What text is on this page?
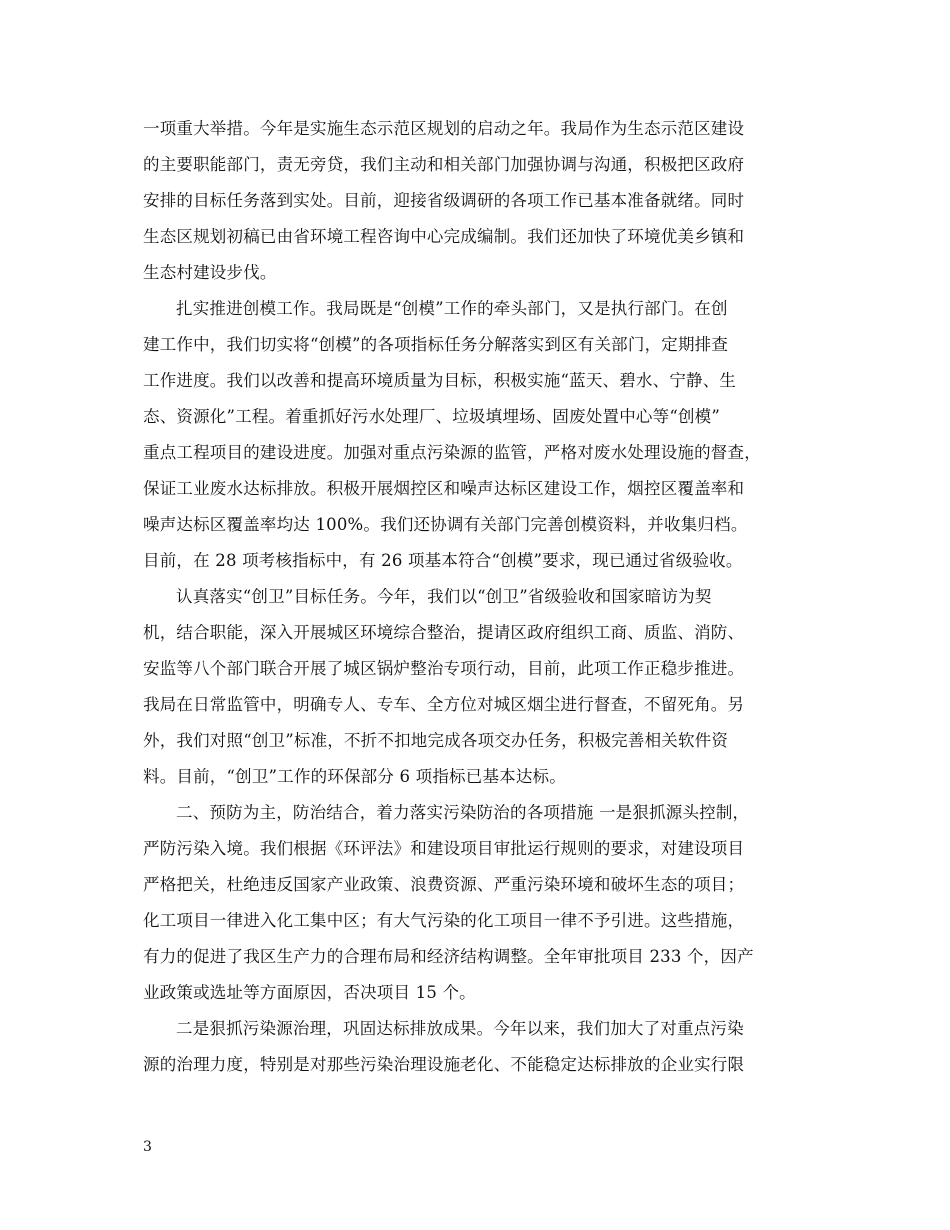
一项重大举措。今年是实施生态示范区规划的启动之年。我局作为生态示范区建设
的主要职能部门，责无旁贷，我们主动和相关部门加强协调与沟通，积极把区政府
安排的目标任务落到实处。目前，迎接省级调研的各项工作已基本准备就绪。同时
生态区规划初稿已由省环境工程咨询中心完成编制。我们还加快了环境优美乡镇和
生态村建设步伐。
扎实推进创模工作。我局既是“创模”工作的牵头部门，又是执行部门。在创
建工作中，我们切实将“创模”的各项指标任务分解落实到区有关部门，定期排查
工作进度。我们以改善和提高环境质量为目标，积极实施“蓝天、碧水、宁静、生
态、资源化”工程。着重抓好污水处理厂、垃圾填埋场、固废处置中心等“创模”
重点工程项目的建设进度。加强对重点污染源的监管，严格对废水处理设施的督查，
保证工业废水达标排放。积极开展烟控区和噪声达标区建设工作，烟控区覆盖率和
噪声达标区覆盖率均达 100%。我们还协调有关部门完善创模资料，并收集归档。
目前，在 28 项考核指标中，有 26 项基本符合“创模”要求，现已通过省级验收。
认真落实“创卫”目标任务。今年，我们以“创卫”省级验收和国家暗访为契
机，结合职能，深入开展城区环境综合整治，提请区政府组织工商、质监、消防、
安监等八个部门联合开展了城区锅炉整治专项行动，目前，此项工作正稳步推进。
我局在日常监管中，明确专人、专车、全方位对城区烟尘进行督查，不留死角。另
外，我们对照“创卫”标准，不折不扣地完成各项交办任务，积极完善相关软件资
料。目前，“创卫”工作的环保部分 6 项指标已基本达标。
二、预防为主，防治结合，着力落实污染防治的各项措施 一是狠抓源头控制，
严防污染入境。我们根据《环评法》和建设项目审批运行规则的要求，对建设项目
严格把关，杜绝违反国家产业政策、浪费资源、严重污染环境和破坏生态的项目；
化工项目一律进入化工集中区；有大气污染的化工项目一律不予引进。这些措施，
有力的促进了我区生产力的合理布局和经济结构调整。全年审批项目 233 个，因产
业政策或选址等方面原因，否决项目 15 个。
二是狠抓污染源治理，巩固达标排放成果。今年以来，我们加大了对重点污染
源的治理力度，特别是对那些污染治理设施老化、不能稳定达标排放的企业实行限
3
